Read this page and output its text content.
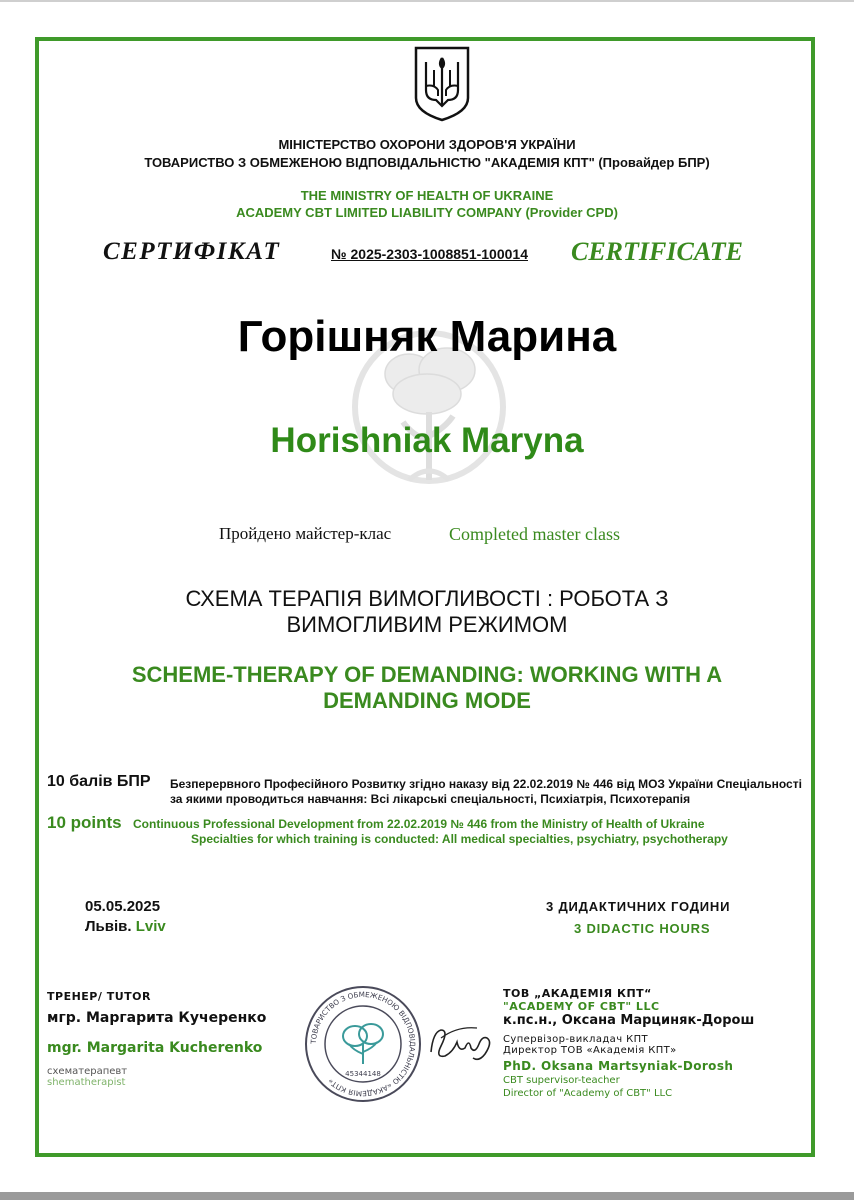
МІНІСТЕРСТВО ОХОРОНИ ЗДОРОВ'Я УКРАЇНИ
ТОВАРИСТВО З ОБМЕЖЕНОЮ ВІДПОВІДАЛЬНІСТЮ "АКАДЕМІЯ КПТ" (Провайдер БПР)
THE MINISTRY OF HEALTH OF UKRAINE
ACADEMY CBT LIMITED LIABILITY COMPANY (Provider CPD)
СЕРТИФІКАТ	№ 2025-2303-1008851-100014 CERTIFICATE
Горішняк Марина
Horishniak Maryna
Пройдено майстер-клас	Completed master class
СХЕМА ТЕРАПІЯ ВИМОГЛИВОСТІ : РОБОТА З
ВИМОГЛИВИМ РЕЖИМОМ
SCHEME-THERAPY OF DEMANDING: WORKING WITH A
DEMANDING MODE
10 балів БПР Безперервного Професійного Розвитку згідно наказу від 22.02.2019 № 446 від МОЗ України Спеціальності за якими проводиться навчання: Всі лікарські спеціальності, Психіатрія, Психотерапія
10 points Continuous Professional Development from 22.02.2019 № 446 from the Ministry of Health of Ukraine
Specialties for which training is conducted: All medical specialties, psychiatry, psychotherapy
05.05.2025
Львів. Lviv
3 ДИДАКТИЧНИХ ГОДИНИ
3 DIDACTIC HOURS
ТРЕНЕР/ TUTOR
мгр. Маргарита Кучеренко
mgr. Margarita Kucherenko
схематерапевт
shematherapist
ТОВАРИСТВО З ОБМЕЖЕНОЮ ВІДПОВІДАЛЬНІСТЮ «АКАДЕМІЯ КПТ»
45344148
ТОВ „АКАДЕМІЯ КПТ“
"ACADEMY OF CBT" LLC
к.пс.н., Оксана Марциняк-Дорош
Супервізор-викладач КПТ
Директор ТОВ «Академія КПТ»
PhD. Oksana Martsyniak-Dorosh
CBT supervisor-teacher
Director of "Academy of CBT" LLC
